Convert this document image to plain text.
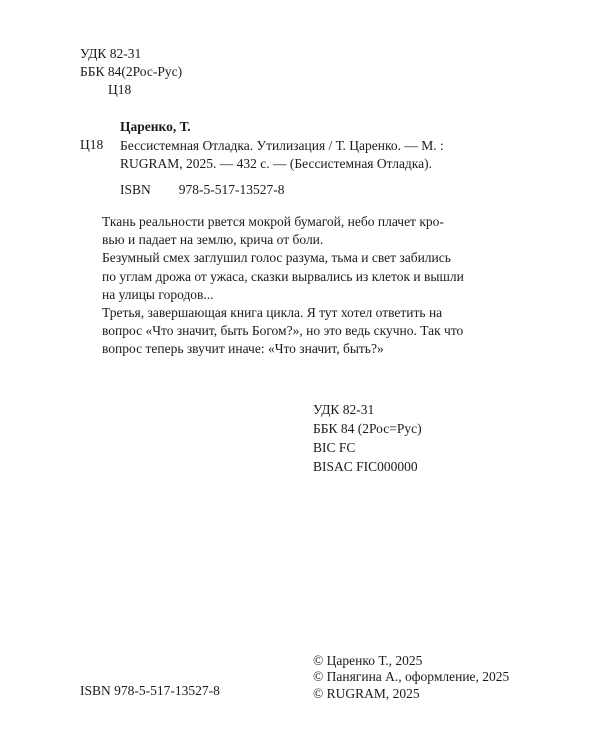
УДК 82-31
ББК 84(2Рос-Рус)
Ц18
Ц18
Царенко, Т.
Бессистемная Отладка. Утилизация / Т. Царенко. — М. :
RUGRAM, 2025. — 432 с. — (Бессистемная Отладка).
ISBN 978-5-517-13527-8
Ткань реальности рвется мокрой бумагой, небо плачет кро-
вью и падает на землю, крича от боли.
Безумный смех заглушил голос разума, тьма и свет забились
по углам дрожа от ужаса, сказки вырвались из клеток и вышли
на улицы городов...
Третья, завершающая книга цикла. Я тут хотел ответить на
вопрос «Что значит, быть Богом?», но это ведь скучно. Так что
вопрос теперь звучит иначе: «Что значит, быть?»
УДК 82-31
ББК 84 (2Рос=Рус)
BIC FC
BISAC FIC000000
ISBN 978-5-517-13527-8
© Царенко Т., 2025
© Панягина А., оформление, 2025
© RUGRAM, 2025
